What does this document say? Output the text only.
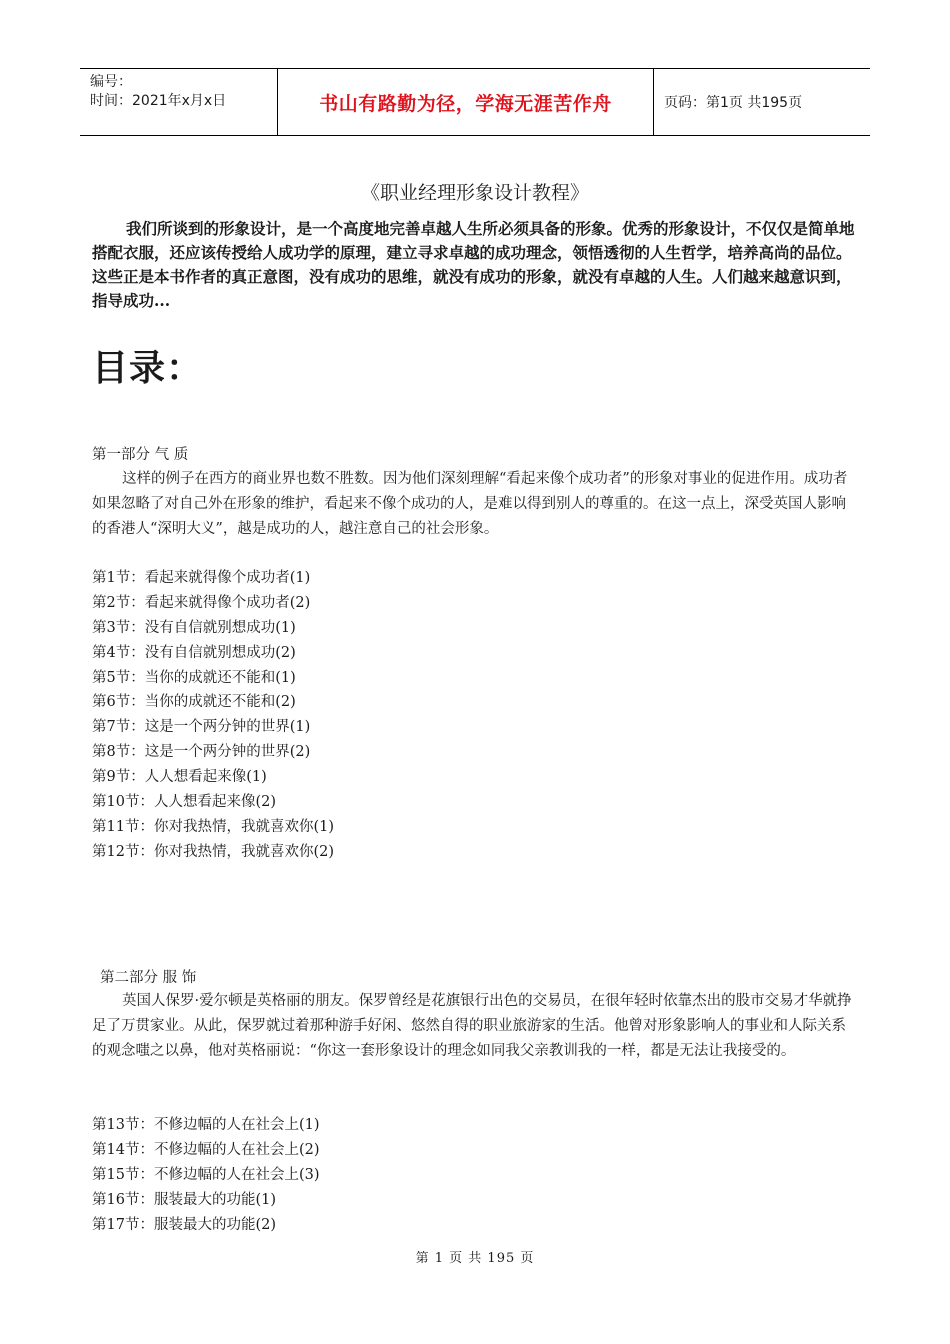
编号：
时间：2021年x月x日	书山有路勤为径，学海无涯苦作舟	页码：第1页 共195页
《职业经理形象设计教程》

我们所谈到的形象设计，是一个高度地完善卓越人生所必须具备的形象。优秀的形象设计，不仅仅是简单地搭配衣服，还应该传授给人成功学的原理，建立寻求卓越的成功理念，领悟透彻的人生哲学，培养高尚的品位。这些正是本书作者的真正意图，没有成功的思维，就没有成功的形象，就没有卓越的人生。人们越来越意识到，指导成功...

目录：
第一部分 气 质

这样的例子在西方的商业界也数不胜数。因为他们深刻理解“看起来像个成功者”的形象对事业的促进作用。成功者如果忽略了对自己外在形象的维护，看起来不像个成功的人，是难以得到别人的尊重的。在这一点上，深受英国人影响的香港人“深明大义”，越是成功的人，越注意自己的社会形象。

第1节：看起来就得像个成功者(1)
第2节：看起来就得像个成功者(2)
第3节：没有自信就别想成功(1)
第4节：没有自信就别想成功(2)
第5节：当你的成就还不能和(1)
第6节：当你的成就还不能和(2)
第7节：这是一个两分钟的世界(1)
第8节：这是一个两分钟的世界(2)
第9节：人人想看起来像(1)
第10节：人人想看起来像(2)
第11节：你对我热情，我就喜欢你(1)
第12节：你对我热情，我就喜欢你(2)
第二部分 服 饰

英国人保罗·爱尔顿是英格丽的朋友。保罗曾经是花旗银行出色的交易员，在很年轻时依靠杰出的股市交易才华就挣足了万贯家业。从此，保罗就过着那种游手好闲、悠然自得的职业旅游家的生活。他曾对形象影响人的事业和人际关系的观念嗤之以鼻，他对英格丽说：“你这一套形象设计的理念如同我父亲教训我的一样，都是无法让我接受的。

第13节：不修边幅的人在社会上(1)
第14节：不修边幅的人在社会上(2)
第15节：不修边幅的人在社会上(3)
第16节：服装最大的功能(1)
第17节：服装最大的功能(2)
第 1 页 共 195 页
